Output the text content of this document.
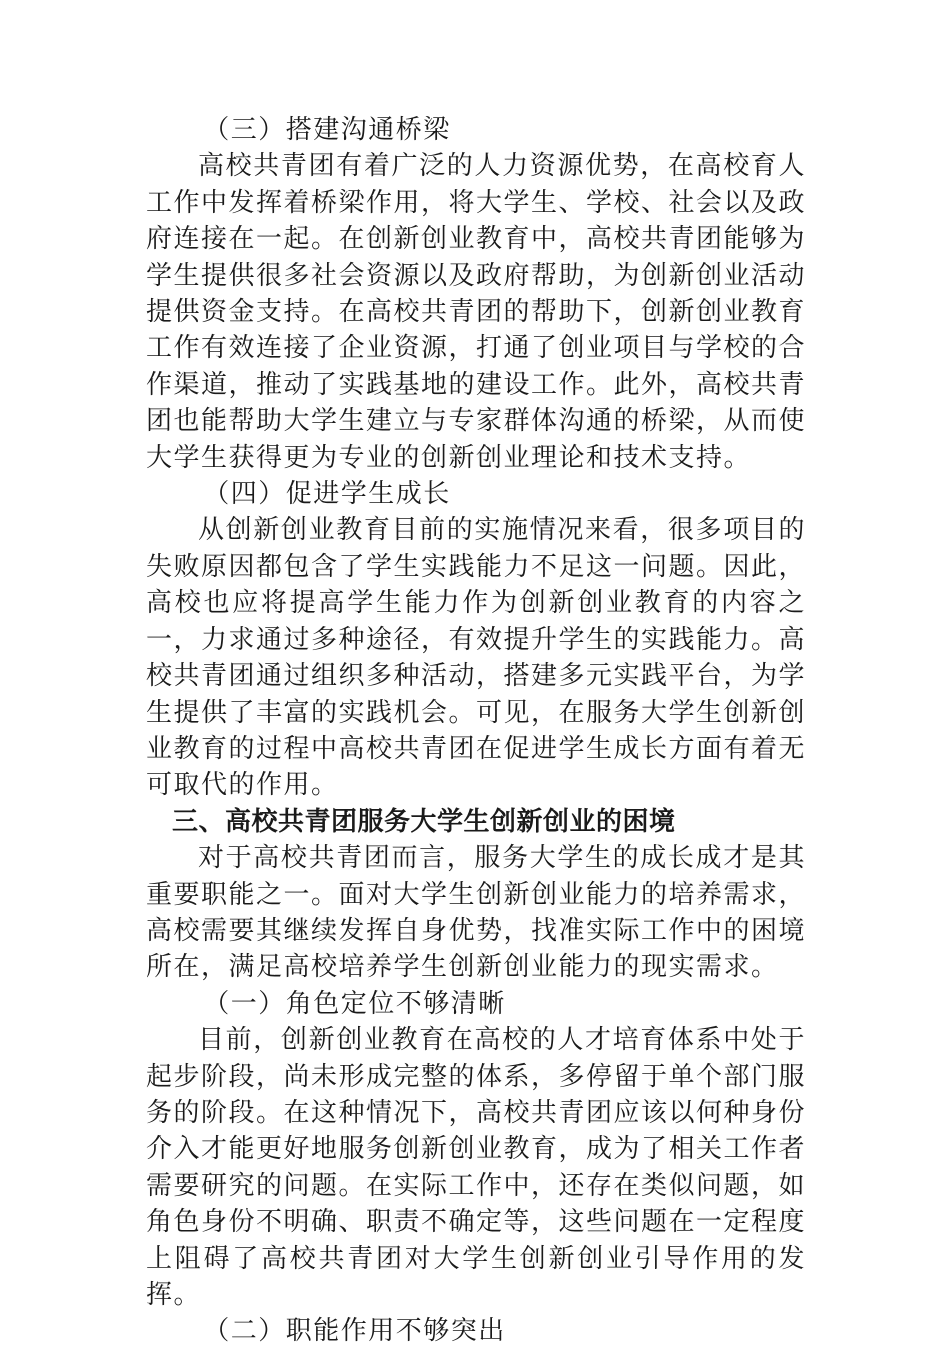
（三）搭建沟通桥梁

高校共青团有着广泛的人力资源优势，在高校育人工作中发挥着桥梁作用，将大学生、学校、社会以及政府连接在一起。在创新创业教育中，高校共青团能够为学生提供很多社会资源以及政府帮助，为创新创业活动提供资金支持。在高校共青团的帮助下，创新创业教育工作有效连接了企业资源，打通了创业项目与学校的合作渠道，推动了实践基地的建设工作。此外，高校共青团也能帮助大学生建立与专家群体沟通的桥梁，从而使大学生获得更为专业的创新创业理论和技术支持。

（四）促进学生成长

从创新创业教育目前的实施情况来看，很多项目的失败原因都包含了学生实践能力不足这一问题。因此，高校也应将提高学生能力作为创新创业教育的内容之一，力求通过多种途径，有效提升学生的实践能力。高校共青团通过组织多种活动，搭建多元实践平台，为学生提供了丰富的实践机会。可见，在服务大学生创新创业教育的过程中高校共青团在促进学生成长方面有着无可取代的作用。

三、高校共青团服务大学生创新创业的困境

对于高校共青团而言，服务大学生的成长成才是其重要职能之一。面对大学生创新创业能力的培养需求，高校需要其继续发挥自身优势，找准实际工作中的困境所在，满足高校培养学生创新创业能力的现实需求。

（一）角色定位不够清晰

目前，创新创业教育在高校的人才培育体系中处于起步阶段，尚未形成完整的体系，多停留于单个部门服务的阶段。在这种情况下，高校共青团应该以何种身份介入才能更好地服务创新创业教育，成为了相关工作者需要研究的问题。在实际工作中，还存在类似问题，如角色身份不明确、职责不确定等，这些问题在一定程度上阻碍了高校共青团对大学生创新创业引导作用的发挥。

（二）职能作用不够突出
